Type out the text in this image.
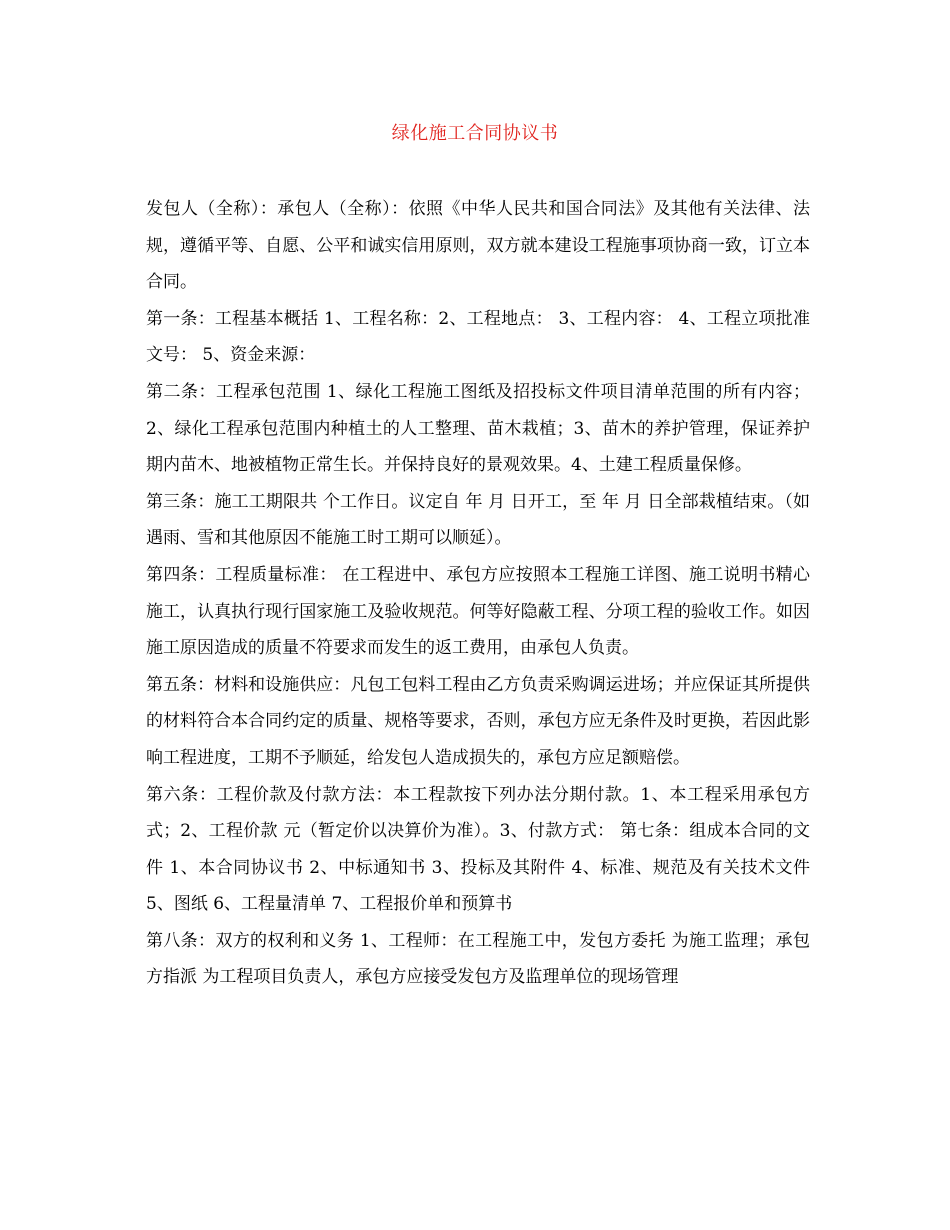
绿化施工合同协议书

发包人（全称）：承包人（全称）：依照《中华人民共和国合同法》及其他有关法律、法规，遵循平等、自愿、公平和诚实信用原则，双方就本建设工程施事项协商一致，订立本合同。

第一条：工程基本概括 1、工程名称：2、工程地点： 3、工程内容： 4、工程立项批准文号： 5、资金来源：

第二条：工程承包范围 1、绿化工程施工图纸及招投标文件项目清单范围的所有内容；2、绿化工程承包范围内种植土的人工整理、苗木栽植；3、苗木的养护管理，保证养护期内苗木、地被植物正常生长。并保持良好的景观效果。4、土建工程质量保修。

第三条：施工工期限共 个工作日。议定自 年 月 日开工，至 年 月 日全部栽植结束。（如遇雨、雪和其他原因不能施工时工期可以顺延）。

第四条：工程质量标准： 在工程进中、承包方应按照本工程施工详图、施工说明书精心施工，认真执行现行国家施工及验收规范。何等好隐蔽工程、分项工程的验收工作。如因施工原因造成的质量不符要求而发生的返工费用，由承包人负责。

第五条：材料和设施供应：凡包工包料工程由乙方负责采购调运进场；并应保证其所提供的材料符合本合同约定的质量、规格等要求，否则，承包方应无条件及时更换，若因此影响工程进度，工期不予顺延，给发包人造成损失的，承包方应足额赔偿。

第六条：工程价款及付款方法：本工程款按下列办法分期付款。1、本工程采用承包方式；2、工程价款 元（暂定价以决算价为准）。3、付款方式： 第七条：组成本合同的文件 1、本合同协议书 2、中标通知书 3、投标及其附件 4、标准、规范及有关技术文件 5、图纸 6、工程量清单 7、工程报价单和预算书

第八条：双方的权利和义务 1、工程师：在工程施工中，发包方委托 为施工监理；承包方指派 为工程项目负责人，承包方应接受发包方及监理单位的现场管理
